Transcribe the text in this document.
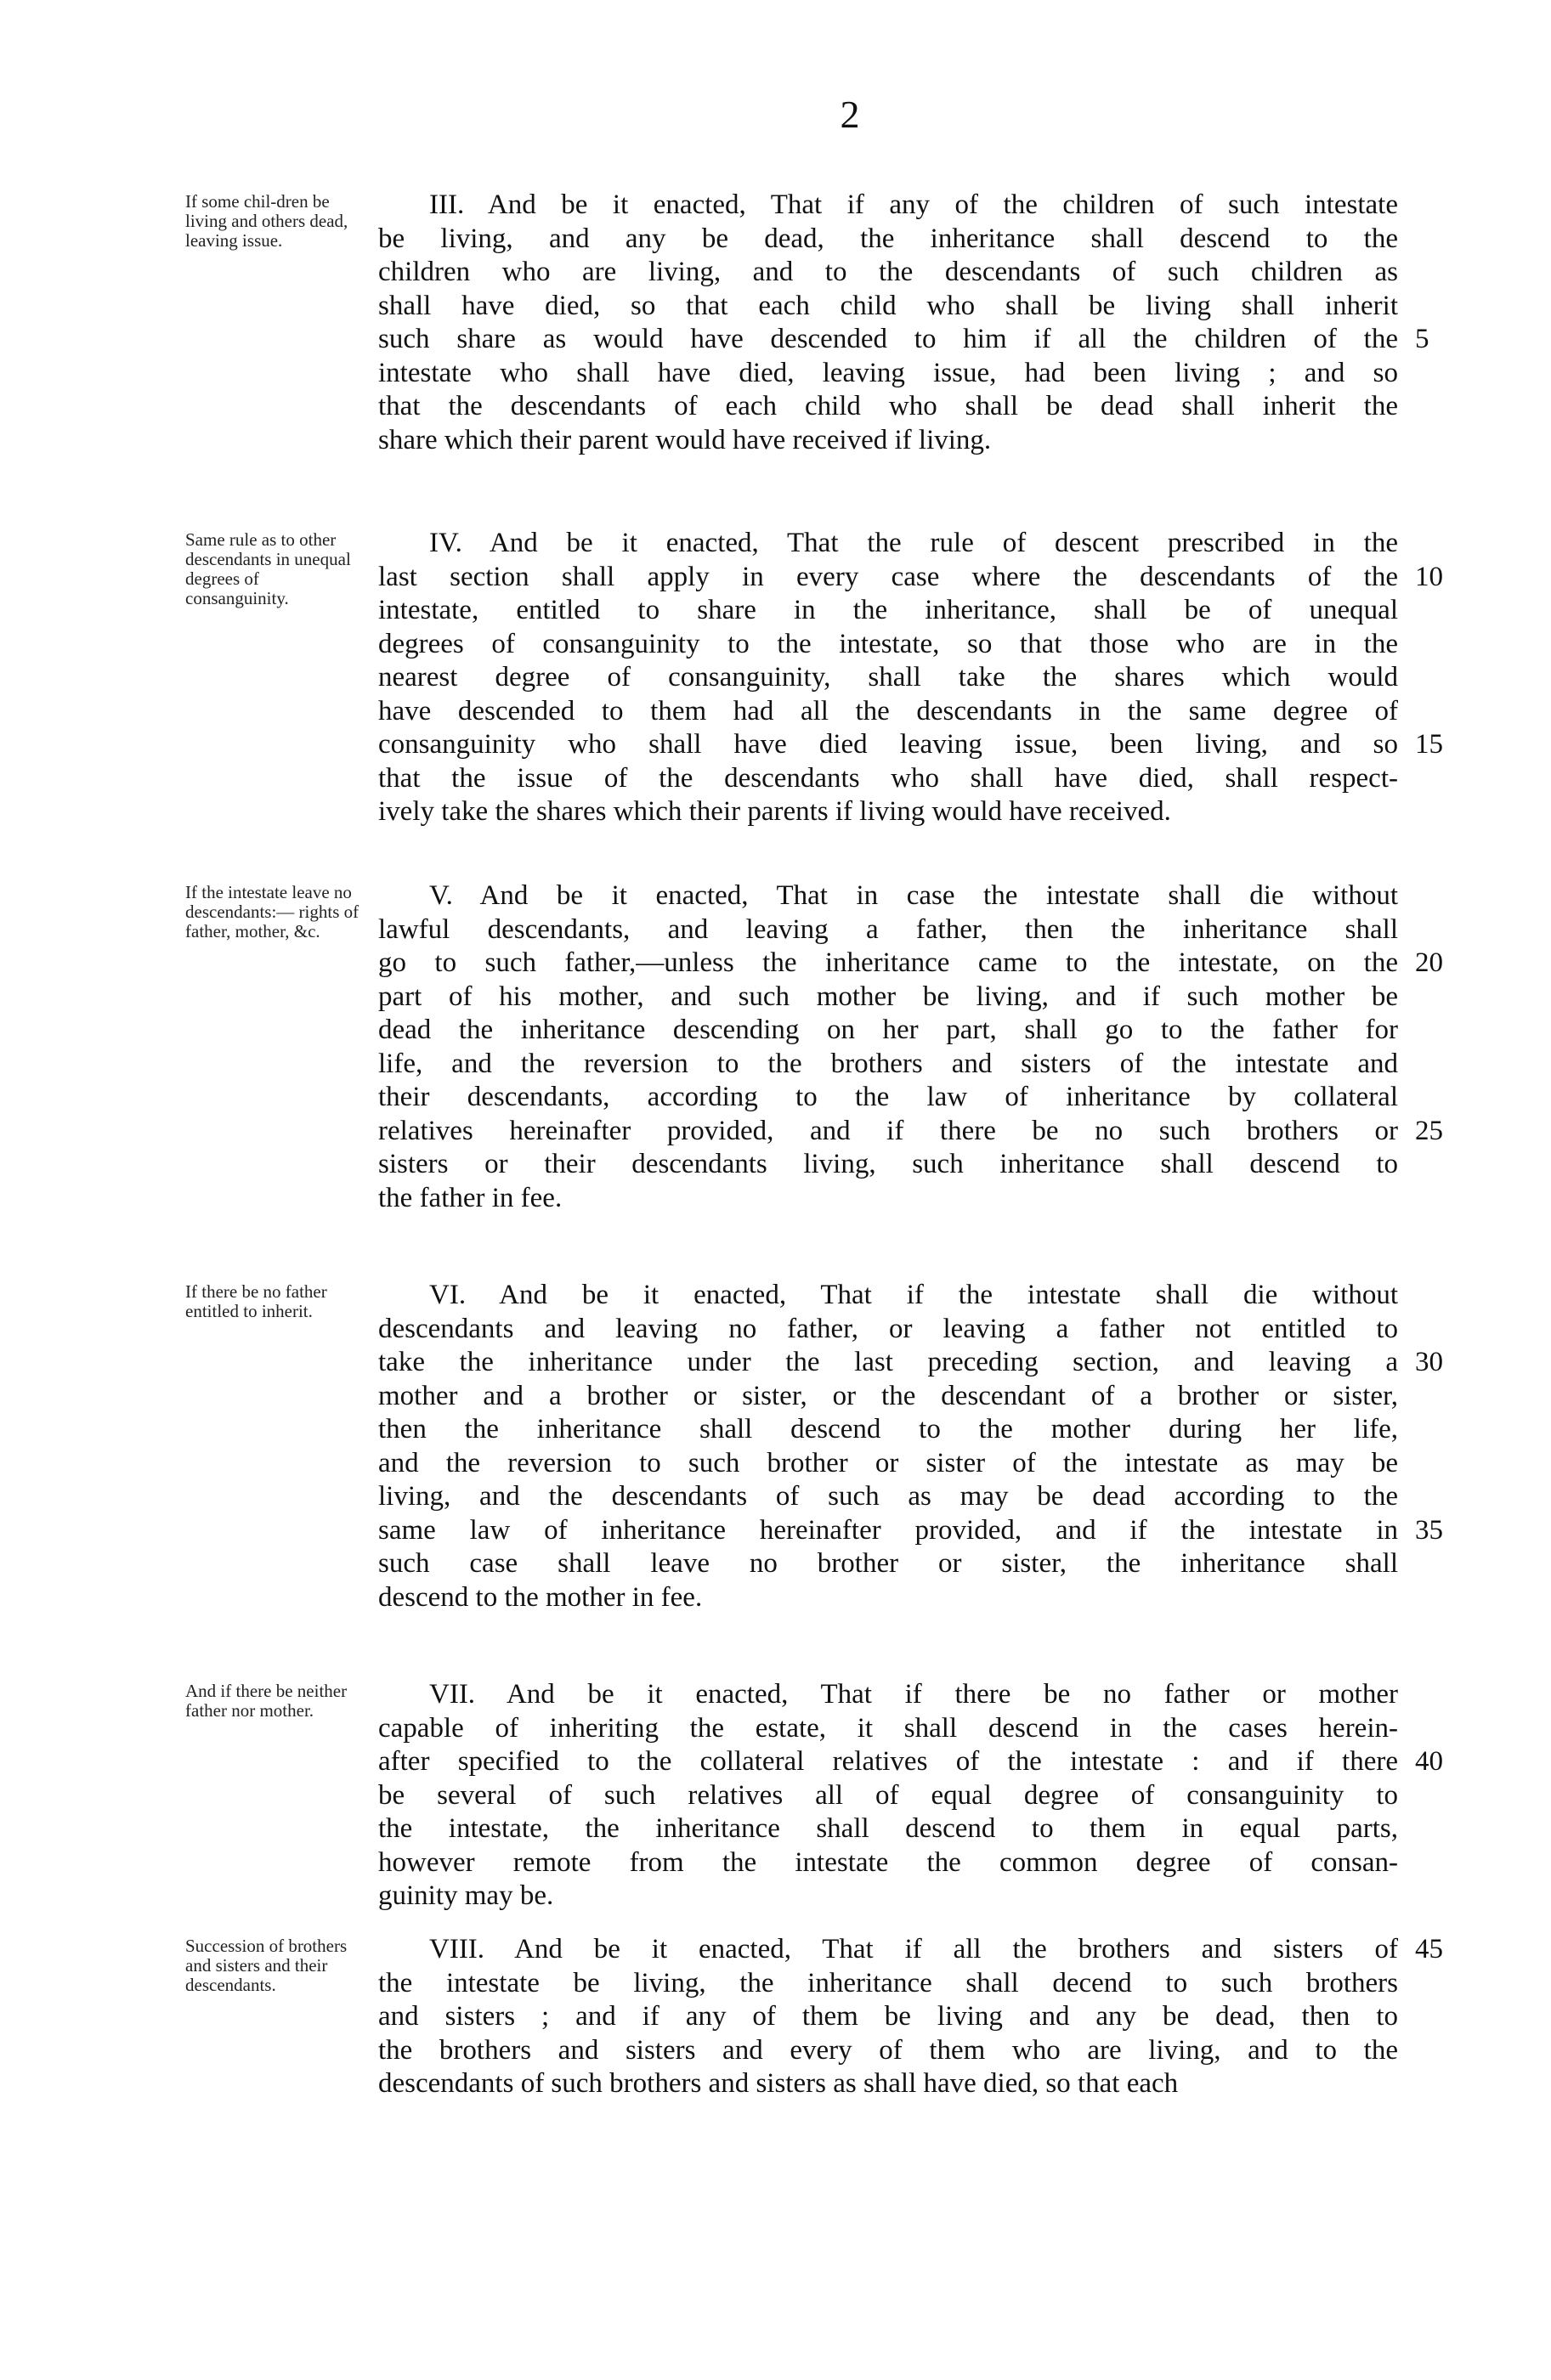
2
If some chil-dren be living and others dead, leaving issue.
III. And be it enacted, That if any of the children of such intestate
be living, and any be dead, the inheritance shall descend to the
children who are living, and to the descendants of such children as
shall have died, so that each child who shall be living shall inherit
such share as would have descended to him if all the children of the
intestate who shall have died, leaving issue, had been living ; and so
that the descendants of each child who shall be dead shall inherit the
share which their parent would have received if living.
5
Same rule as to other descendants in unequal degrees of consanguinity.
IV. And be it enacted, That the rule of descent prescribed in the
last section shall apply in every case where the descendants of the
intestate, entitled to share in the inheritance, shall be of unequal
degrees of consanguinity to the intestate, so that those who are in the
nearest degree of consanguinity, shall take the shares which would
have descended to them had all the descendants in the same degree of
consanguinity who shall have died leaving issue, been living, and so
that the issue of the descendants who shall have died, shall respect-
ively take the shares which their parents if living would have received.
10
15
If the intestate leave no descendants:— rights of father, mother, &c.
V. And be it enacted, That in case the intestate shall die without
lawful descendants, and leaving a father, then the inheritance shall
go to such father,—unless the inheritance came to the intestate, on the
part of his mother, and such mother be living, and if such mother be
dead the inheritance descending on her part, shall go to the father for
life, and the reversion to the brothers and sisters of the intestate and
their descendants, according to the law of inheritance by collateral
relatives hereinafter provided, and if there be no such brothers or
sisters or their descendants living, such inheritance shall descend to
the father in fee.
20
25
If there be no father entitled to inherit.
VI. And be it enacted, That if the intestate shall die without
descendants and leaving no father, or leaving a father not entitled to
take the inheritance under the last preceding section, and leaving a
mother and a brother or sister, or the descendant of a brother or sister,
then the inheritance shall descend to the mother during her life,
and the reversion to such brother or sister of the intestate as may be
living, and the descendants of such as may be dead according to the
same law of inheritance hereinafter provided, and if the intestate in
such case shall leave no brother or sister, the inheritance shall
descend to the mother in fee.
30
35
And if there be neither father nor mother.
VII. And be it enacted, That if there be no father or mother
capable of inheriting the estate, it shall descend in the cases herein-
after specified to the collateral relatives of the intestate : and if there
be several of such relatives all of equal degree of consanguinity to
the intestate, the inheritance shall descend to them in equal parts,
however remote from the intestate the common degree of consan-
guinity may be.
40
Succession of brothers and sisters and their descendants.
VIII. And be it enacted, That if all the brothers and sisters of
the intestate be living, the inheritance shall decend to such brothers
and sisters ; and if any of them be living and any be dead, then to
the brothers and sisters and every of them who are living, and to the
descendants of such brothers and sisters as shall have died, so that each
45
